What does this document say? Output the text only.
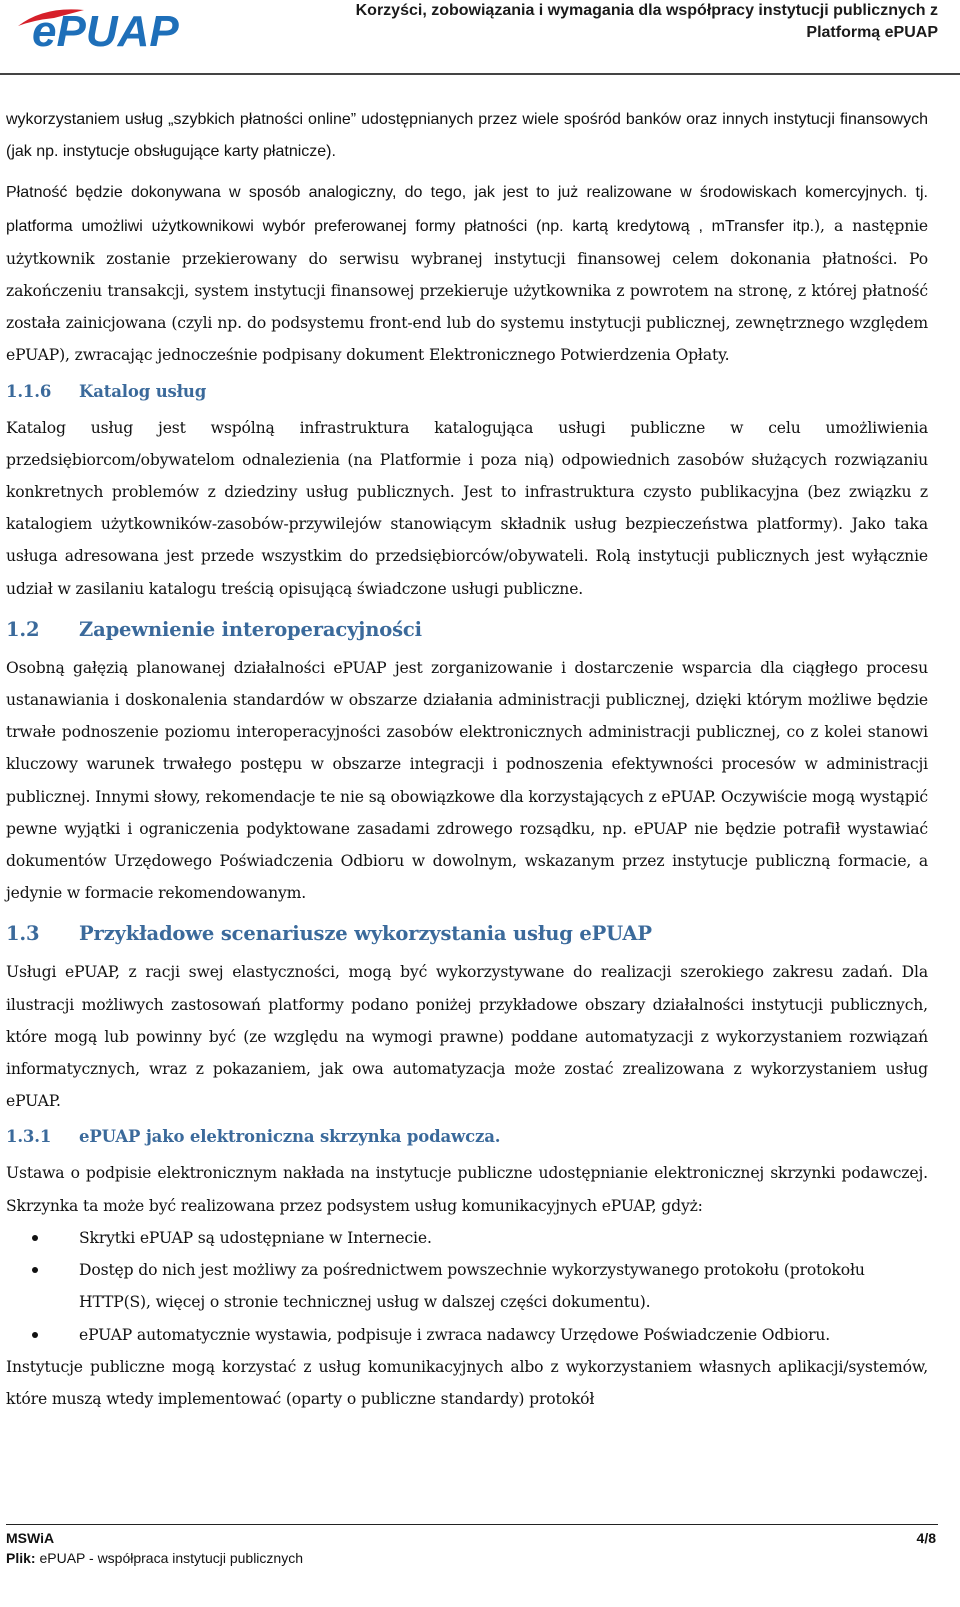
ePUAP	Korzyści, zobowiązania i wymagania dla współpracy instytucji publicznych z Platformą ePUAP

wykorzystaniem usług „szybkich płatności online” udostępnianych przez wiele spośród banków oraz innych instytucji finansowych (jak np. instytucje obsługujące karty płatnicze).

Płatność będzie dokonywana w sposób analogiczny, do tego, jak jest to już realizowane w środowiskach komercyjnych. tj. platforma umożliwi użytkownikowi wybór preferowanej formy płatności (np. kartą kredytową , mTransfer itp.), a następnie użytkownik zostanie przekierowany do serwisu wybranej instytucji finansowej celem dokonania płatności. Po zakończeniu transakcji, system instytucji finansowej przekieruje użytkownika z powrotem na stronę, z której płatność została zainicjowana (czyli np. do podsystemu front-end lub do systemu instytucji publicznej, zewnętrznego względem ePUAP), zwracając jednocześnie podpisany dokument Elektronicznego Potwierdzenia Opłaty.

1.1.6	Katalog usług

Katalog usług jest wspólną infrastruktura katalogująca usługi publiczne w celu umożliwienia przedsiębiorcom/obywatelom odnalezienia (na Platformie i poza nią) odpowiednich zasobów służących rozwiązaniu konkretnych problemów z dziedziny usług publicznych. Jest to infrastruktura czysto publikacyjna (bez związku z katalogiem użytkowników-zasobów-przywilejów stanowiącym składnik usług bezpieczeństwa platformy). Jako taka usługa adresowana jest przede wszystkim do przedsiębiorców/obywateli. Rolą instytucji publicznych jest wyłącznie udział w zasilaniu katalogu treścią opisującą świadczone usługi publiczne.

1.2	Zapewnienie interoperacyjności

Osobną gałęzią planowanej działalności ePUAP jest zorganizowanie i dostarczenie wsparcia dla ciągłego procesu ustanawiania i doskonalenia standardów w obszarze działania administracji publicznej, dzięki którym możliwe będzie trwałe podnoszenie poziomu interoperacyjności zasobów elektronicznych administracji publicznej, co z kolei stanowi kluczowy warunek trwałego postępu w obszarze integracji i podnoszenia efektywności procesów w administracji publicznej. Innymi słowy, rekomendacje te nie są obowiązkowe dla korzystających z ePUAP. Oczywiście mogą wystąpić pewne wyjątki i ograniczenia podyktowane zasadami zdrowego rozsądku, np. ePUAP nie będzie potrafił wystawiać dokumentów Urzędowego Poświadczenia Odbioru w dowolnym, wskazanym przez instytucje publiczną formacie, a jedynie w formacie rekomendowanym.

1.3	Przykładowe scenariusze wykorzystania usług ePUAP

Usługi ePUAP, z racji swej elastyczności, mogą być wykorzystywane do realizacji szerokiego zakresu zadań. Dla ilustracji możliwych zastosowań platformy podano poniżej przykładowe obszary działalności instytucji publicznych, które mogą lub powinny być (ze względu na wymogi prawne) poddane automatyzacji z wykorzystaniem rozwiązań informatycznych, wraz z pokazaniem, jak owa automatyzacja może zostać zrealizowana z wykorzystaniem usług ePUAP.

1.3.1	ePUAP jako elektroniczna skrzynka podawcza.

Ustawa o podpisie elektronicznym nakłada na instytucje publiczne udostępnianie elektronicznej skrzynki podawczej. Skrzynka ta może być realizowana przez podsystem usług komunikacyjnych ePUAP, gdyż:

Skrytki ePUAP są udostępniane w Internecie.
Dostęp do nich jest możliwy za pośrednictwem powszechnie wykorzystywanego protokołu (protokołu HTTP(S), więcej o stronie technicznej usług w dalszej części dokumentu).
ePUAP automatycznie wystawia, podpisuje i zwraca nadawcy Urzędowe Poświadczenie Odbioru.

Instytucje publiczne mogą korzystać z usług komunikacyjnych albo z wykorzystaniem własnych aplikacji/systemów, które muszą wtedy implementować (oparty o publiczne standardy) protokół

MSWiA	4/8
Plik: ePUAP - współpraca instytucji publicznych
